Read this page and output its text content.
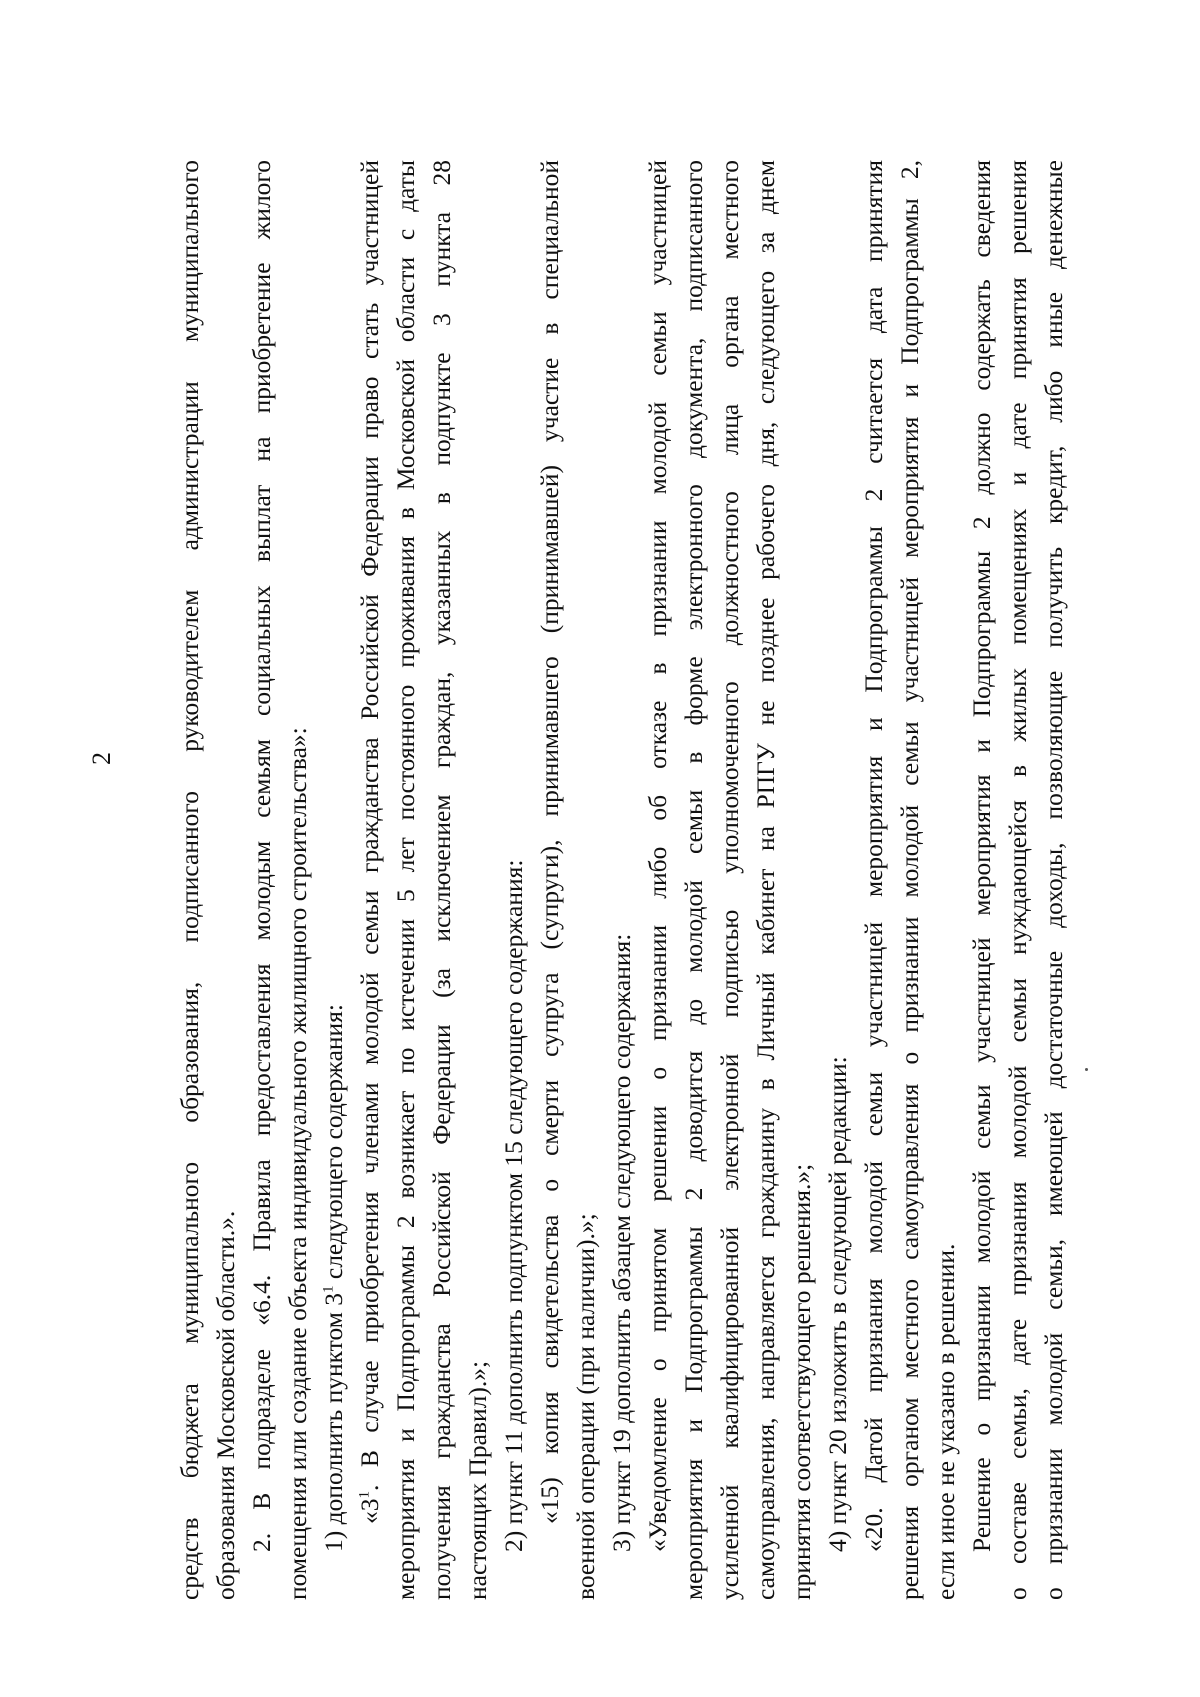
2 средств бюджета муниципального образования, подписанного руководителем администрации муниципального образования Московской области.». 2. В подразделе «6.4. Правила предоставления молодым семьям социальных выплат на приобретение жилого помещения или создание объекта индивидуального жилищного строительства»: 1) дополнить пунктом $3^1$ следующего содержания:
«$3^1$. В случае приобретения членами молодой семьи гражданства Российской Федерации право стать участницей мероприятия и Подпрограммы 2 возникает по истечении 5 лет постоянного проживания в Московской области с даты получения гражданства Российской Федерации (за исключением граждан, указанных в подпункте 3 пункта 28 настоящих Правил).»; 2) пункт 11 дополнить подпунктом 15 следующего содержания: «15) копия свидетельства о смерти супруга (супруги), принимавшего (принимавшей) участие в специальной военной операции (при наличии).»; 3) пункт 19 дополнить абзацем следующего содержания: «Уведомление о принятом решении о признании либо об отказе в признании молодой семьи участницей мероприятия и Подпрограммы 2 доводится до молодой семьи в форме электронного документа, подписанного усиленной квалифицированной электронной подписью уполномоченного должностного лица органа местного самоуправления, направляется гражданину в Личный кабинет на РПГУ не позднее рабочего дня, следующего за днем принятия соответствующего решения.»; 4) пункт 20 изложить в следующей редакции: «20. Датой признания молодой семьи участницей мероприятия и Подпрограммы 2 считается дата принятия решения органом местного самоуправления о признании молодой семьи участницей мероприятия и Подпрограммы 2, если иное не указано в решении. Решение о признании молодой семьи участницей мероприятия и Подпрограммы 2 должно содержать сведения о составе семьи, дате признания молодой семьи нуждающейся в жилых помещениях и дате принятия решения о признании молодой семьи, имеющей достаточные доходы, позволяющие получить кредит, либо иные денежные
